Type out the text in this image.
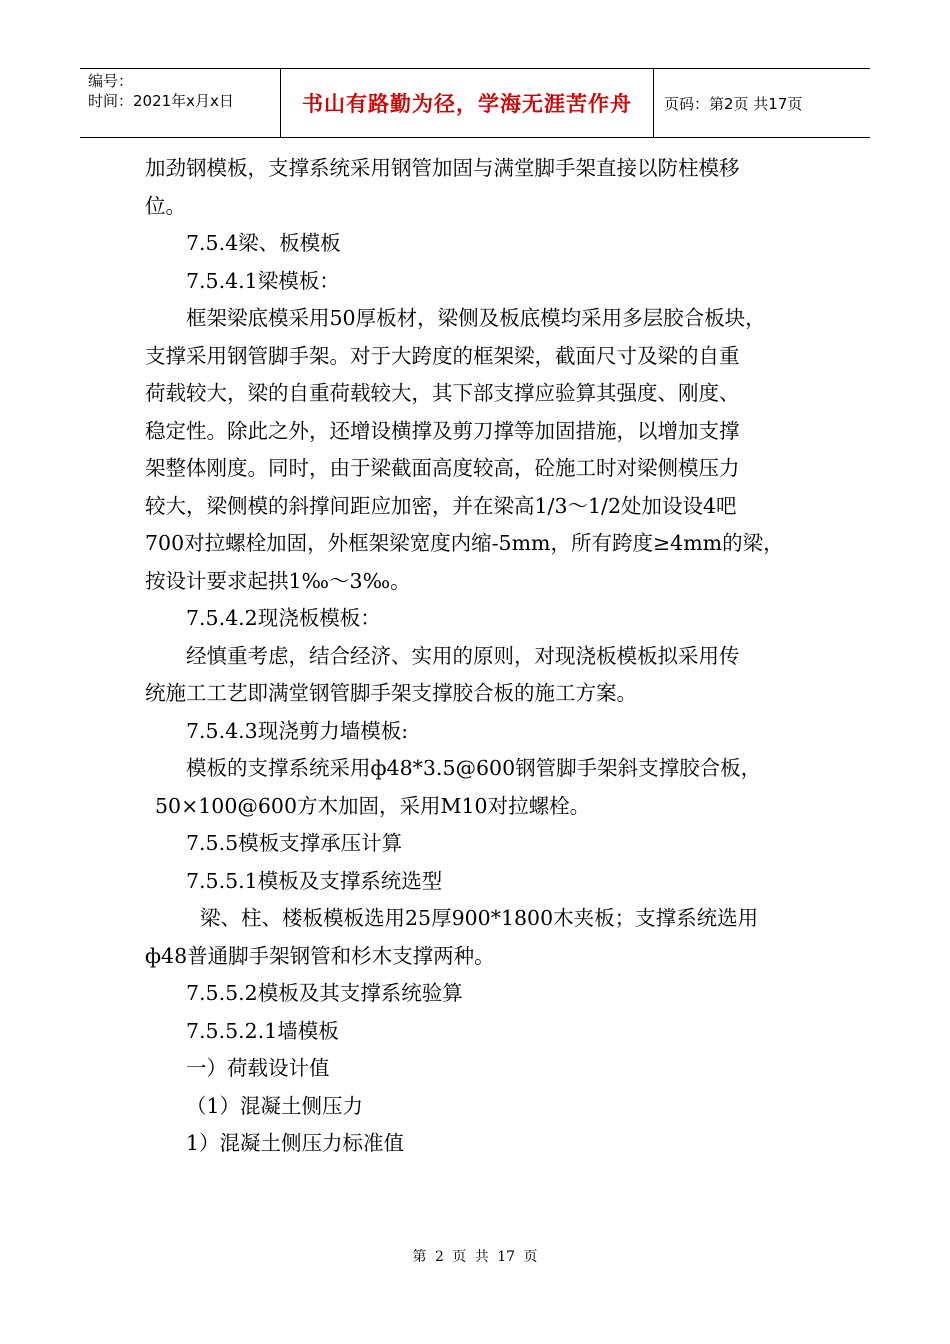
编号：
时间：2021年x月x日	书山有路勤为径，学海无涯苦作舟	页码：第2页 共17页

加劲钢模板，支撑系统采用钢管加固与满堂脚手架直接以防柱模移

位。

7.5.4梁、板模板

7.5.4.1梁模板：

框架梁底模采用50厚板材，梁侧及板底模均采用多层胶合板块，

支撑采用钢管脚手架。对于大跨度的框架梁，截面尺寸及梁的自重

荷载较大，梁的自重荷载较大，其下部支撑应验算其强度、刚度、

稳定性。除此之外，还增设横撑及剪刀撑等加固措施，以增加支撑

架整体刚度。同时，由于梁截面高度较高，砼施工时对梁侧模压力

较大，梁侧模的斜撑间距应加密，并在梁高1/3～1/2处加设设4吧

700对拉螺栓加固，外框架梁宽度内缩-5mm，所有跨度≥4mm的梁，

按设计要求起拱1‰～3‰。

7.5.4.2现浇板模板：

经慎重考虑，结合经济、实用的原则，对现浇板模板拟采用传

统施工工艺即满堂钢管脚手架支撑胶合板的施工方案。

7.5.4.3现浇剪力墙模板:

模板的支撑系统采用ф48*3.5@600钢管脚手架斜支撑胶合板，

50×100@600方木加固，采用M10对拉螺栓。

7.5.5模板支撑承压计算

7.5.5.1模板及支撑系统选型

梁、柱、楼板模板选用25厚900*1800木夹板；支撑系统选用

ф48普通脚手架钢管和杉木支撑两种。

7.5.5.2模板及其支撑系统验算

7.5.5.2.1墙模板

一）荷载设计值

（1）混凝土侧压力

1）混凝土侧压力标准值

第 2 页 共 17 页
